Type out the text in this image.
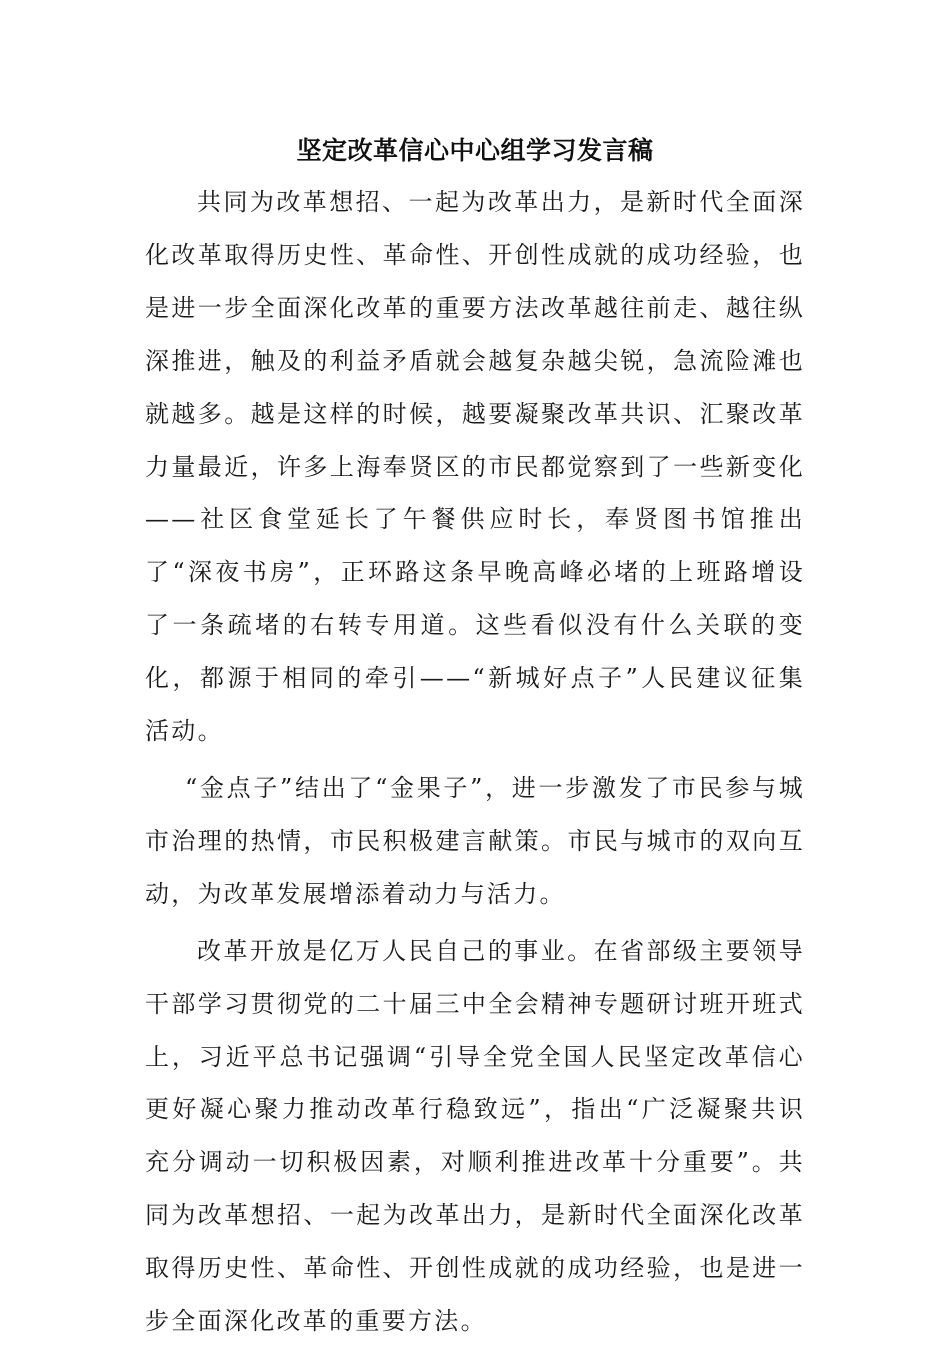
坚定改革信心中心组学习发言稿

共同为改革想招、一起为改革出力，是新时代全面深化改革取得历史性、革命性、开创性成就的成功经验，也是进一步全面深化改革的重要方法改革越往前走、越往纵深推进，触及的利益矛盾就会越复杂越尖锐，急流险滩也就越多。越是这样的时候，越要凝聚改革共识、汇聚改革力量最近，许多上海奉贤区的市民都觉察到了一些新变化——社区食堂延长了午餐供应时长，奉贤图书馆推出了“深夜书房”，正环路这条早晚高峰必堵的上班路增设了一条疏堵的右转专用道。这些看似没有什么关联的变化，都源于相同的牵引——“新城好点子”人民建议征集活动。

“金点子”结出了“金果子”，进一步激发了市民参与城市治理的热情，市民积极建言献策。市民与城市的双向互动，为改革发展增添着动力与活力。

改革开放是亿万人民自己的事业。在省部级主要领导干部学习贯彻党的二十届三中全会精神专题研讨班开班式上，习近平总书记强调“引导全党全国人民坚定改革信心更好凝心聚力推动改革行稳致远”，指出“广泛凝聚共识充分调动一切积极因素，对顺利推进改革十分重要”。共同为改革想招、一起为改革出力，是新时代全面深化改革取得历史性、革命性、开创性成就的成功经验，也是进一步全面深化改革的重要方法。
